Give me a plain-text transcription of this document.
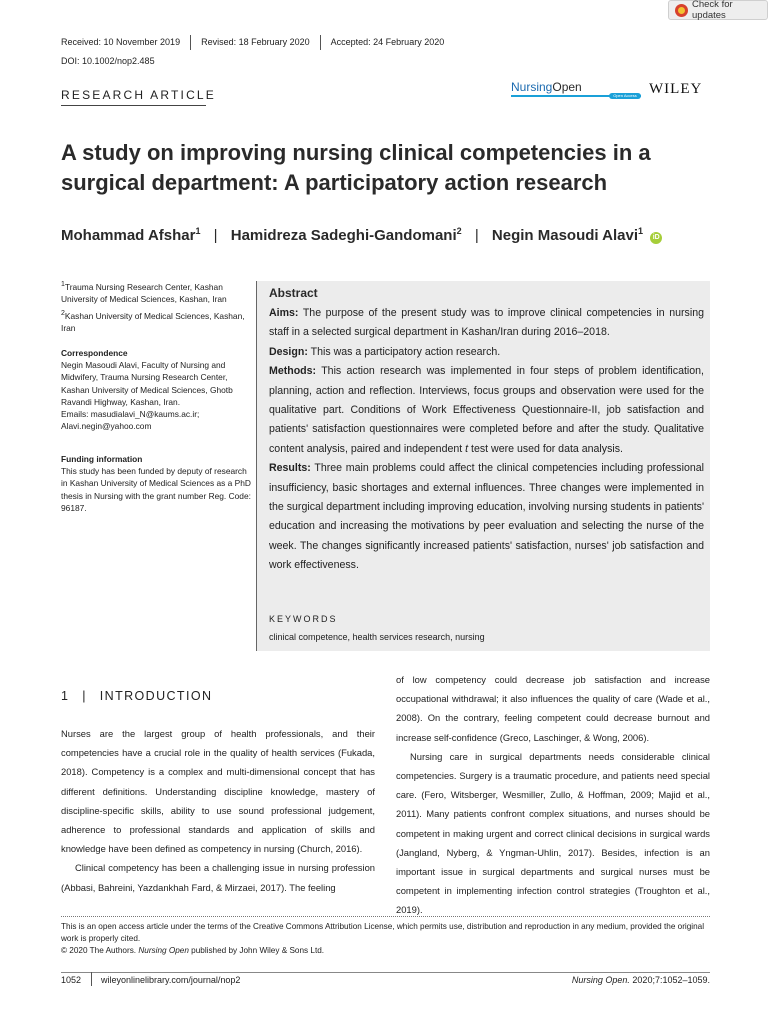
Check for updates
Received: 10 November 2019 Revised: 18 February 2020 Accepted: 24 February 2020
DOI: 10.1002/nop2.485
RESEARCH ARTICLE
NursingOpen
Open Access WILEY
A study on improving nursing clinical competencies in a surgical department: A participatory action research
Mohammad Afshar$^1$ | Hamidreza Sadeghi-Gandomani$^2$ | Negin Masoudi Alavi$^1$ iD
$^1$Trauma Nursing Research Center, Kashan University of Medical Sciences, Kashan, Iran
$^2$Kashan University of Medical Sciences, Kashan, Iran
Correspondence
Negin Masoudi Alavi, Faculty of Nursing and Midwifery, Trauma Nursing Research Center, Kashan University of Medical Sciences, Ghotb Ravandi Highway, Kashan, Iran.
Emails: masudialavi_N@kaums.ac.ir; Alavi.negin@yahoo.com
Funding information
This study has been funded by deputy of research in Kashan University of Medical Sciences as a PhD thesis in Nursing with the grant number Reg. Code: 96187.
Abstract
Aims: The purpose of the present study was to improve clinical competencies in nursing staff in a selected surgical department in Kashan/Iran during 2016–2018.
Design: This was a participatory action research.
Methods: This action research was implemented in four steps of problem identification, planning, action and reflection. Interviews, focus groups and observation were used for the qualitative part. Conditions of Work Effectiveness Questionnaire-II, job satisfaction and patients' satisfaction questionnaires were completed before and after the study. Qualitative content analysis, paired and independent t test were used for data analysis.
Results: Three main problems could affect the clinical competencies including professional insufficiency, basic shortages and external influences. Three changes were implemented in the surgical department including improving education, involving nursing students in patients' education and increasing the motivations by peer evaluation and selecting the nurse of the week. The changes significantly increased patients' satisfaction, nurses' job satisfaction and work effectiveness.
KEYWORDS
clinical competence, health services research, nursing
1 | INTRODUCTION

Nurses are the largest group of health professionals, and their competencies have a crucial role in the quality of health services (Fukada, 2018). Competency is a complex and multi-dimensional concept that has different definitions. Understanding discipline knowledge, mastery of discipline-specific skills, ability to use sound professional judgement, adherence to professional standards and application of skills and knowledge have been defined as competency in nursing (Church, 2016).

Clinical competency has been a challenging issue in nursing profession (Abbasi, Bahreini, Yazdankhah Fard, & Mirzaei, 2017). The feeling

of low competency could decrease job satisfaction and increase occupational withdrawal; it also influences the quality of care (Wade et al., 2008). On the contrary, feeling competent could decrease burnout and increase self-confidence (Greco, Laschinger, & Wong, 2006).

Nursing care in surgical departments needs considerable clinical competencies. Surgery is a traumatic procedure, and patients need special care. (Fero, Witsberger, Wesmiller, Zullo, & Hoffman, 2009; Majid et al., 2011). Many patients confront complex situations, and nurses should be competent in making urgent and correct clinical decisions in surgical wards (Jangland, Nyberg, & Yngman-Uhlin, 2017). Besides, infection is an important issue in surgical departments and surgical nurses must be competent in implementing infection control strategies (Troughton et al., 2019).

This is an open access article under the terms of the Creative Commons Attribution License, which permits use, distribution and reproduction in any medium, provided the original work is properly cited.
© 2020 The Authors. Nursing Open published by John Wiley & Sons Ltd.
1052 wileyonlinelibrary.com/journal/nop2	Nursing Open. 2020;7:1052–1059.
